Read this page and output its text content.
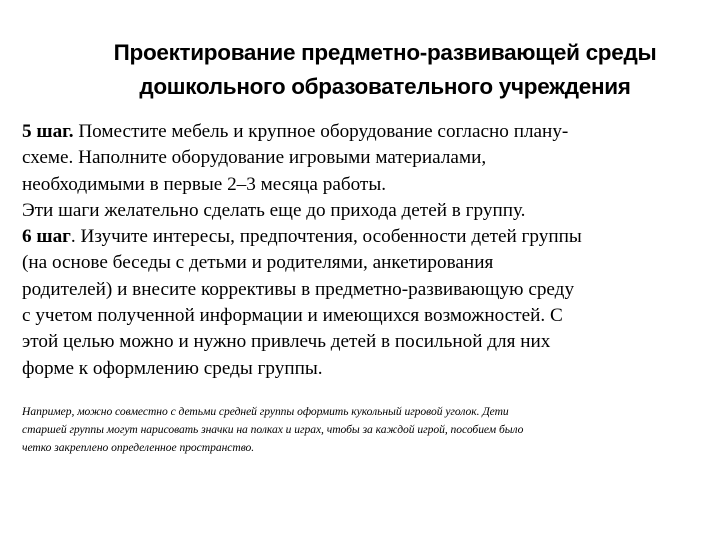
Проектирование предметно-развивающей среды
дошкольного образовательного учреждения

5 шаг. Поместите мебель и крупное оборудование согласно плану-
схеме. Наполните оборудование игровыми материалами,
необходимыми в первые 2–3 месяца работы.
Эти шаги желательно сделать еще до прихода детей в группу.

6 шаг. Изучите интересы, предпочтения, особенности детей группы
(на основе беседы с детьми и родителями, анкетирования
родителей) и внесите коррективы в предметно-развивающую среду
с учетом полученной информации и имеющихся возможностей. С
этой целью можно и нужно привлечь детей в посильной для них
форме к оформлению среды группы.

Например, можно совместно с детьми средней группы оформить кукольный игровой уголок. Дети
старшей группы могут нарисовать значки на полках и играх, чтобы за каждой игрой, пособием было
четко закреплено определенное пространство.
